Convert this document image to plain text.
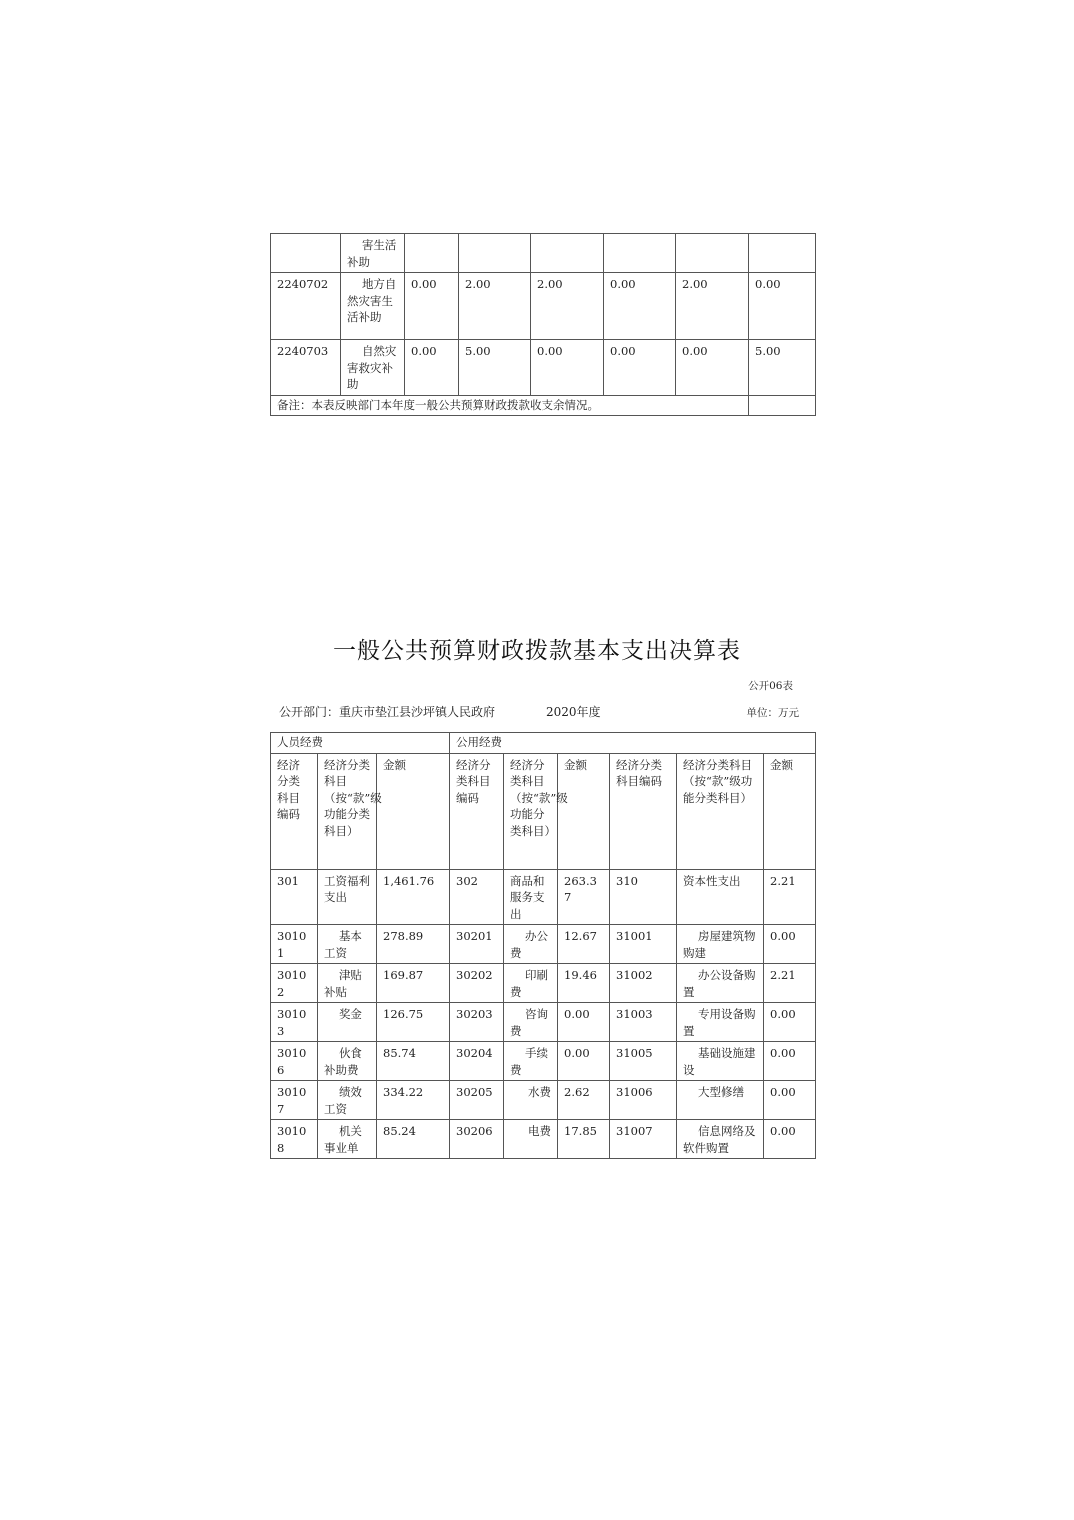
	害生活补助						
2240702	地方自然灾害生活补助	0.00	2.00	2.00	0.00	2.00	0.00
2240703	自然灾害救灾补助	0.00	5.00	0.00	0.00	0.00	5.00
备注：本表反映部门本年度一般公共预算财政拨款收支余情况。							
一般公共预算财政拨款基本支出决算表
公开06表
公开部门：重庆市垫江县沙坪镇人民政府	2020年度	单位：万元
人员经费			公用经费					
经济分类科目编码	经济分类科目（按“款”级功能分类科目）	金额	经济分类科目编码	经济分类科目（按“款”级功能分类科目）	金额	经济分类科目编码	经济分类科目（按“款”级功能分类科目）	金额
301	工资福利支出	1,461.76	302	商品和服务支出	263.37	310	资本性支出	2.21
30101	基本工资	278.89	30201	办公费	12.67	31001	房屋建筑物购建	0.00
30102	津贴补贴	169.87	30202	印刷费	19.46	31002	办公设备购置	2.21
30103	奖金	126.75	30203	咨询费	0.00	31003	专用设备购置	0.00
30106	伙食补助费	85.74	30204	手续费	0.00	31005	基础设施建设	0.00
30107	绩效工资	334.22	30205	水费	2.62	31006	大型修缮	0.00
30108	机关事业单	85.24	30206	电费	17.85	31007	信息网络及软件购置	0.00
